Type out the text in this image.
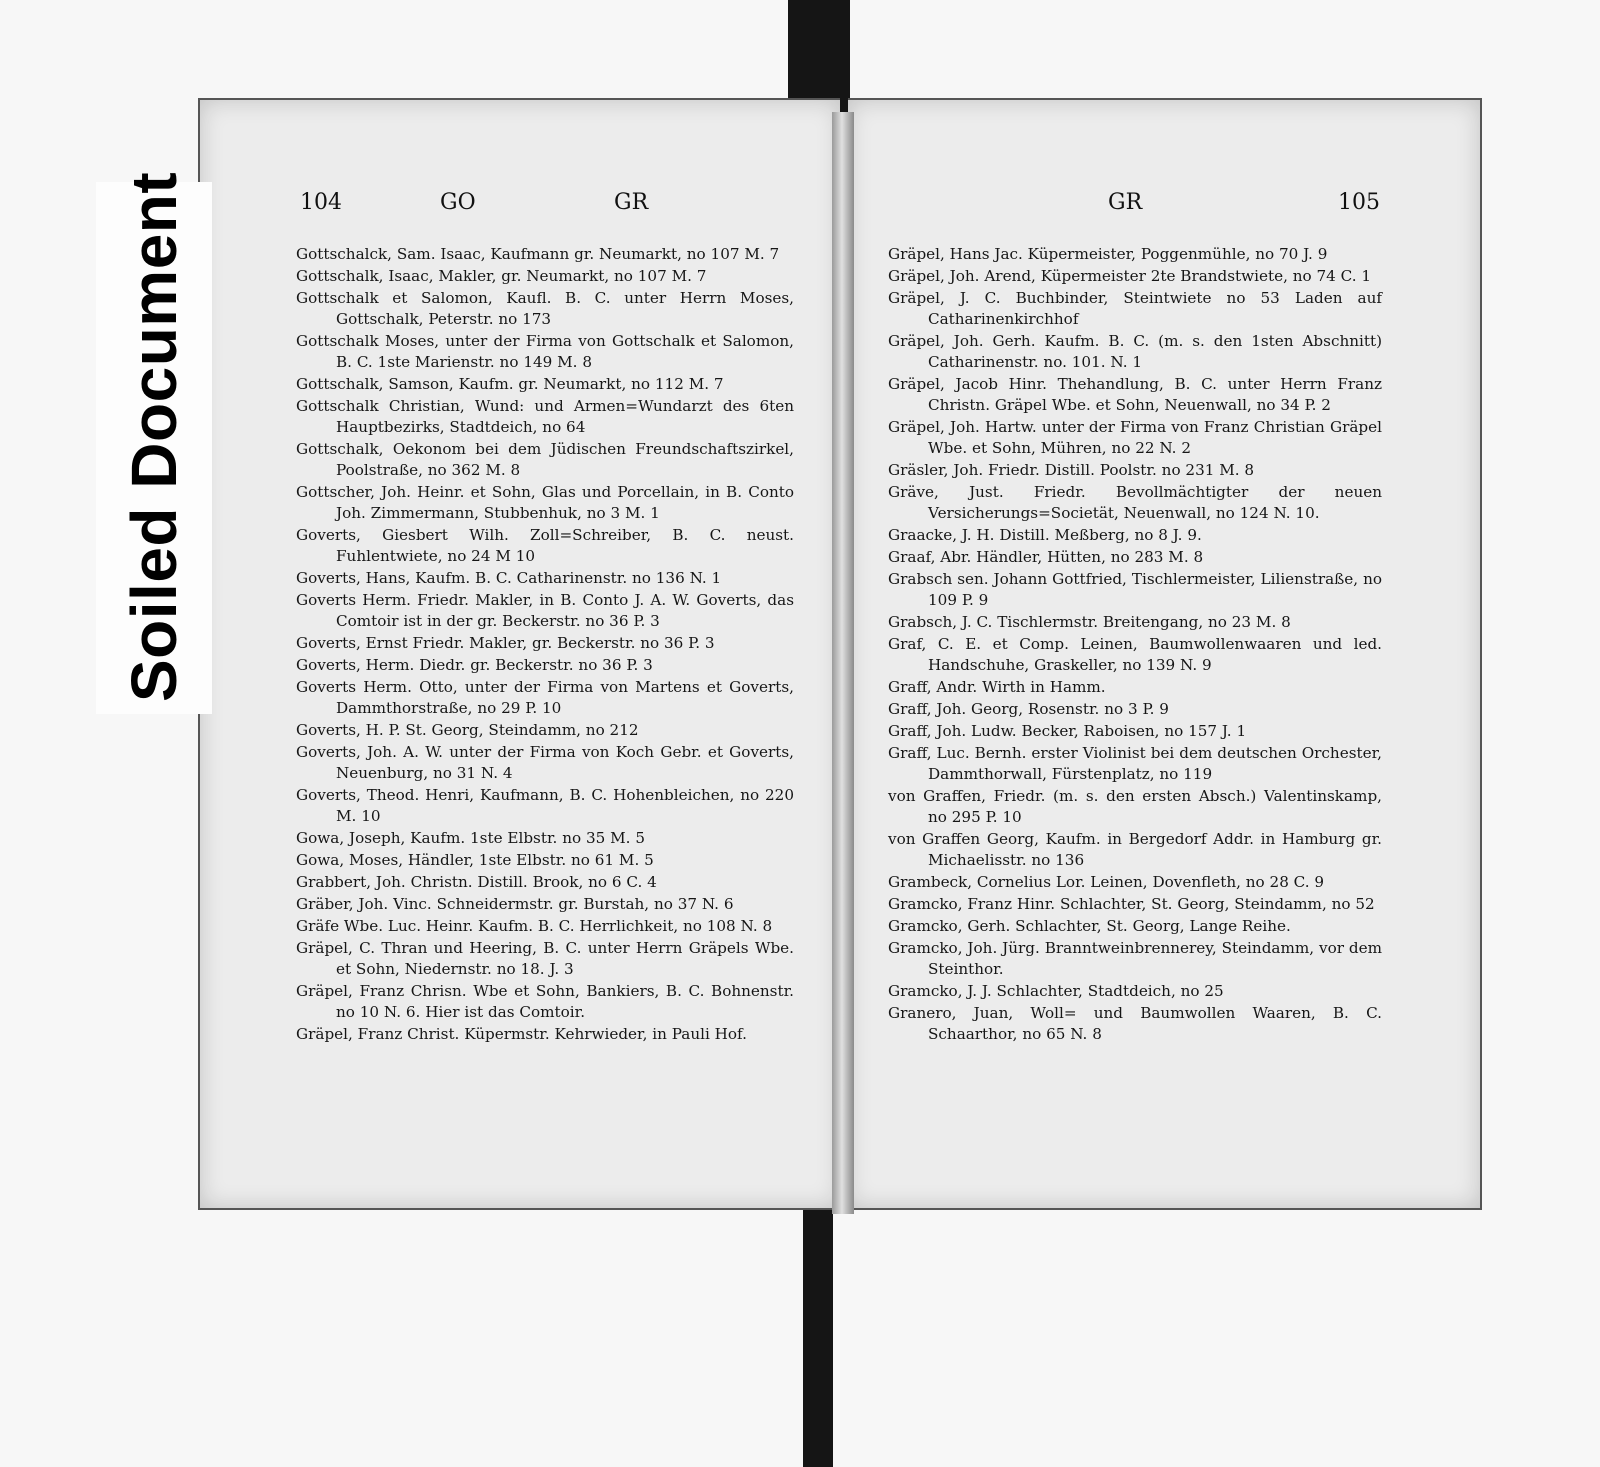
Soiled Document	104	GO	GR	GR	105
Gottschalck, Sam. Isaac, Kaufmann gr. Neumarkt, no 107 M. 7
Gottschalk, Isaac, Makler, gr. Neumarkt, no 107 M. 7
Gottschalk et Salomon, Kaufl. B. C. unter Herrn Moses, Gottschalk, Peterstr. no 173
Gottschalk Moses, unter der Firma von Gottschalk et Salomon, B. C. 1ste Marienstr. no 149 M. 8
Gottschalk, Samson, Kaufm. gr. Neumarkt, no 112 M. 7
Gottschalk Christian, Wund: und Armen=Wundarzt des 6ten Hauptbezirks, Stadtdeich, no 64
Gottschalk, Oekonom bei dem Jüdischen Freundschaftszirkel, Poolstraße, no 362 M. 8
Gottscher, Joh. Heinr. et Sohn, Glas und Porcellain, in B. Conto Joh. Zimmermann, Stubbenhuk, no 3 M. 1
Goverts, Giesbert Wilh. Zoll=Schreiber, B. C. neust. Fuhlentwiete, no 24 M 10
Goverts, Hans, Kaufm. B. C. Catharinenstr. no 136 N. 1
Goverts Herm. Friedr. Makler, in B. Conto J. A. W. Goverts, das Comtoir ist in der gr. Beckerstr. no 36 P. 3
Goverts, Ernst Friedr. Makler, gr. Beckerstr. no 36 P. 3
Goverts, Herm. Diedr. gr. Beckerstr. no 36 P. 3
Goverts Herm. Otto, unter der Firma von Martens et Goverts, Dammthorstraße, no 29 P. 10
Goverts, H. P. St. Georg, Steindamm, no 212
Goverts, Joh. A. W. unter der Firma von Koch Gebr. et Goverts, Neuenburg, no 31 N. 4
Goverts, Theod. Henri, Kaufmann, B. C. Hohenbleichen, no 220 M. 10
Gowa, Joseph, Kaufm. 1ste Elbstr. no 35 M. 5
Gowa, Moses, Händler, 1ste Elbstr. no 61 M. 5
Grabbert, Joh. Christn. Distill. Brook, no 6 C. 4
Gräber, Joh. Vinc. Schneidermstr. gr. Burstah, no 37 N. 6
Gräfe Wbe. Luc. Heinr. Kaufm. B. C. Herrlichkeit, no 108 N. 8
Gräpel, C. Thran und Heering, B. C. unter Herrn Gräpels Wbe. et Sohn, Niedernstr. no 18. J. 3
Gräpel, Franz Chrisn. Wbe et Sohn, Bankiers, B. C. Bohnenstr. no 10 N. 6. Hier ist das Comtoir.
Gräpel, Franz Christ. Küpermstr. Kehrwieder, in Pauli Hof.
Gräpel, Hans Jac. Küpermeister, Poggenmühle, no 70 J. 9
Gräpel, Joh. Arend, Küpermeister 2te Brandstwiete, no 74 C. 1
Gräpel, J. C. Buchbinder, Steintwiete no 53 Laden auf Catharinenkirchhof
Gräpel, Joh. Gerh. Kaufm. B. C. (m. s. den 1sten Abschnitt) Catharinenstr. no. 101. N. 1
Gräpel, Jacob Hinr. Thehandlung, B. C. unter Herrn Franz Christn. Gräpel Wbe. et Sohn, Neuenwall, no 34 P. 2
Gräpel, Joh. Hartw. unter der Firma von Franz Christian Gräpel Wbe. et Sohn, Mühren, no 22 N. 2
Gräsler, Joh. Friedr. Distill. Poolstr. no 231 M. 8
Gräve, Just. Friedr. Bevollmächtigter der neuen Versicherungs=Societät, Neuenwall, no 124 N. 10.
Graacke, J. H. Distill. Meßberg, no 8 J. 9.
Graaf, Abr. Händler, Hütten, no 283 M. 8
Grabsch sen. Johann Gottfried, Tischlermeister, Lilienstraße, no 109 P. 9
Grabsch, J. C. Tischlermstr. Breitengang, no 23 M. 8
Graf, C. E. et Comp. Leinen, Baumwollenwaaren und led. Handschuhe, Graskeller, no 139 N. 9
Graff, Andr. Wirth in Hamm.
Graff, Joh. Georg, Rosenstr. no 3 P. 9
Graff, Joh. Ludw. Becker, Raboisen, no 157 J. 1
Graff, Luc. Bernh. erster Violinist bei dem deutschen Orchester, Dammthorwall, Fürstenplatz, no 119
von Graffen, Friedr. (m. s. den ersten Absch.) Valentinskamp, no 295 P. 10
von Graffen Georg, Kaufm. in Bergedorf Addr. in Hamburg gr. Michaelisstr. no 136
Grambeck, Cornelius Lor. Leinen, Dovenfleth, no 28 C. 9
Gramcko, Franz Hinr. Schlachter, St. Georg, Steindamm, no 52
Gramcko, Gerh. Schlachter, St. Georg, Lange Reihe.
Gramcko, Joh. Jürg. Branntweinbrennerey, Steindamm, vor dem Steinthor.
Gramcko, J. J. Schlachter, Stadtdeich, no 25
Granero, Juan, Woll= und Baumwollen Waaren, B. C. Schaarthor, no 65 N. 8
